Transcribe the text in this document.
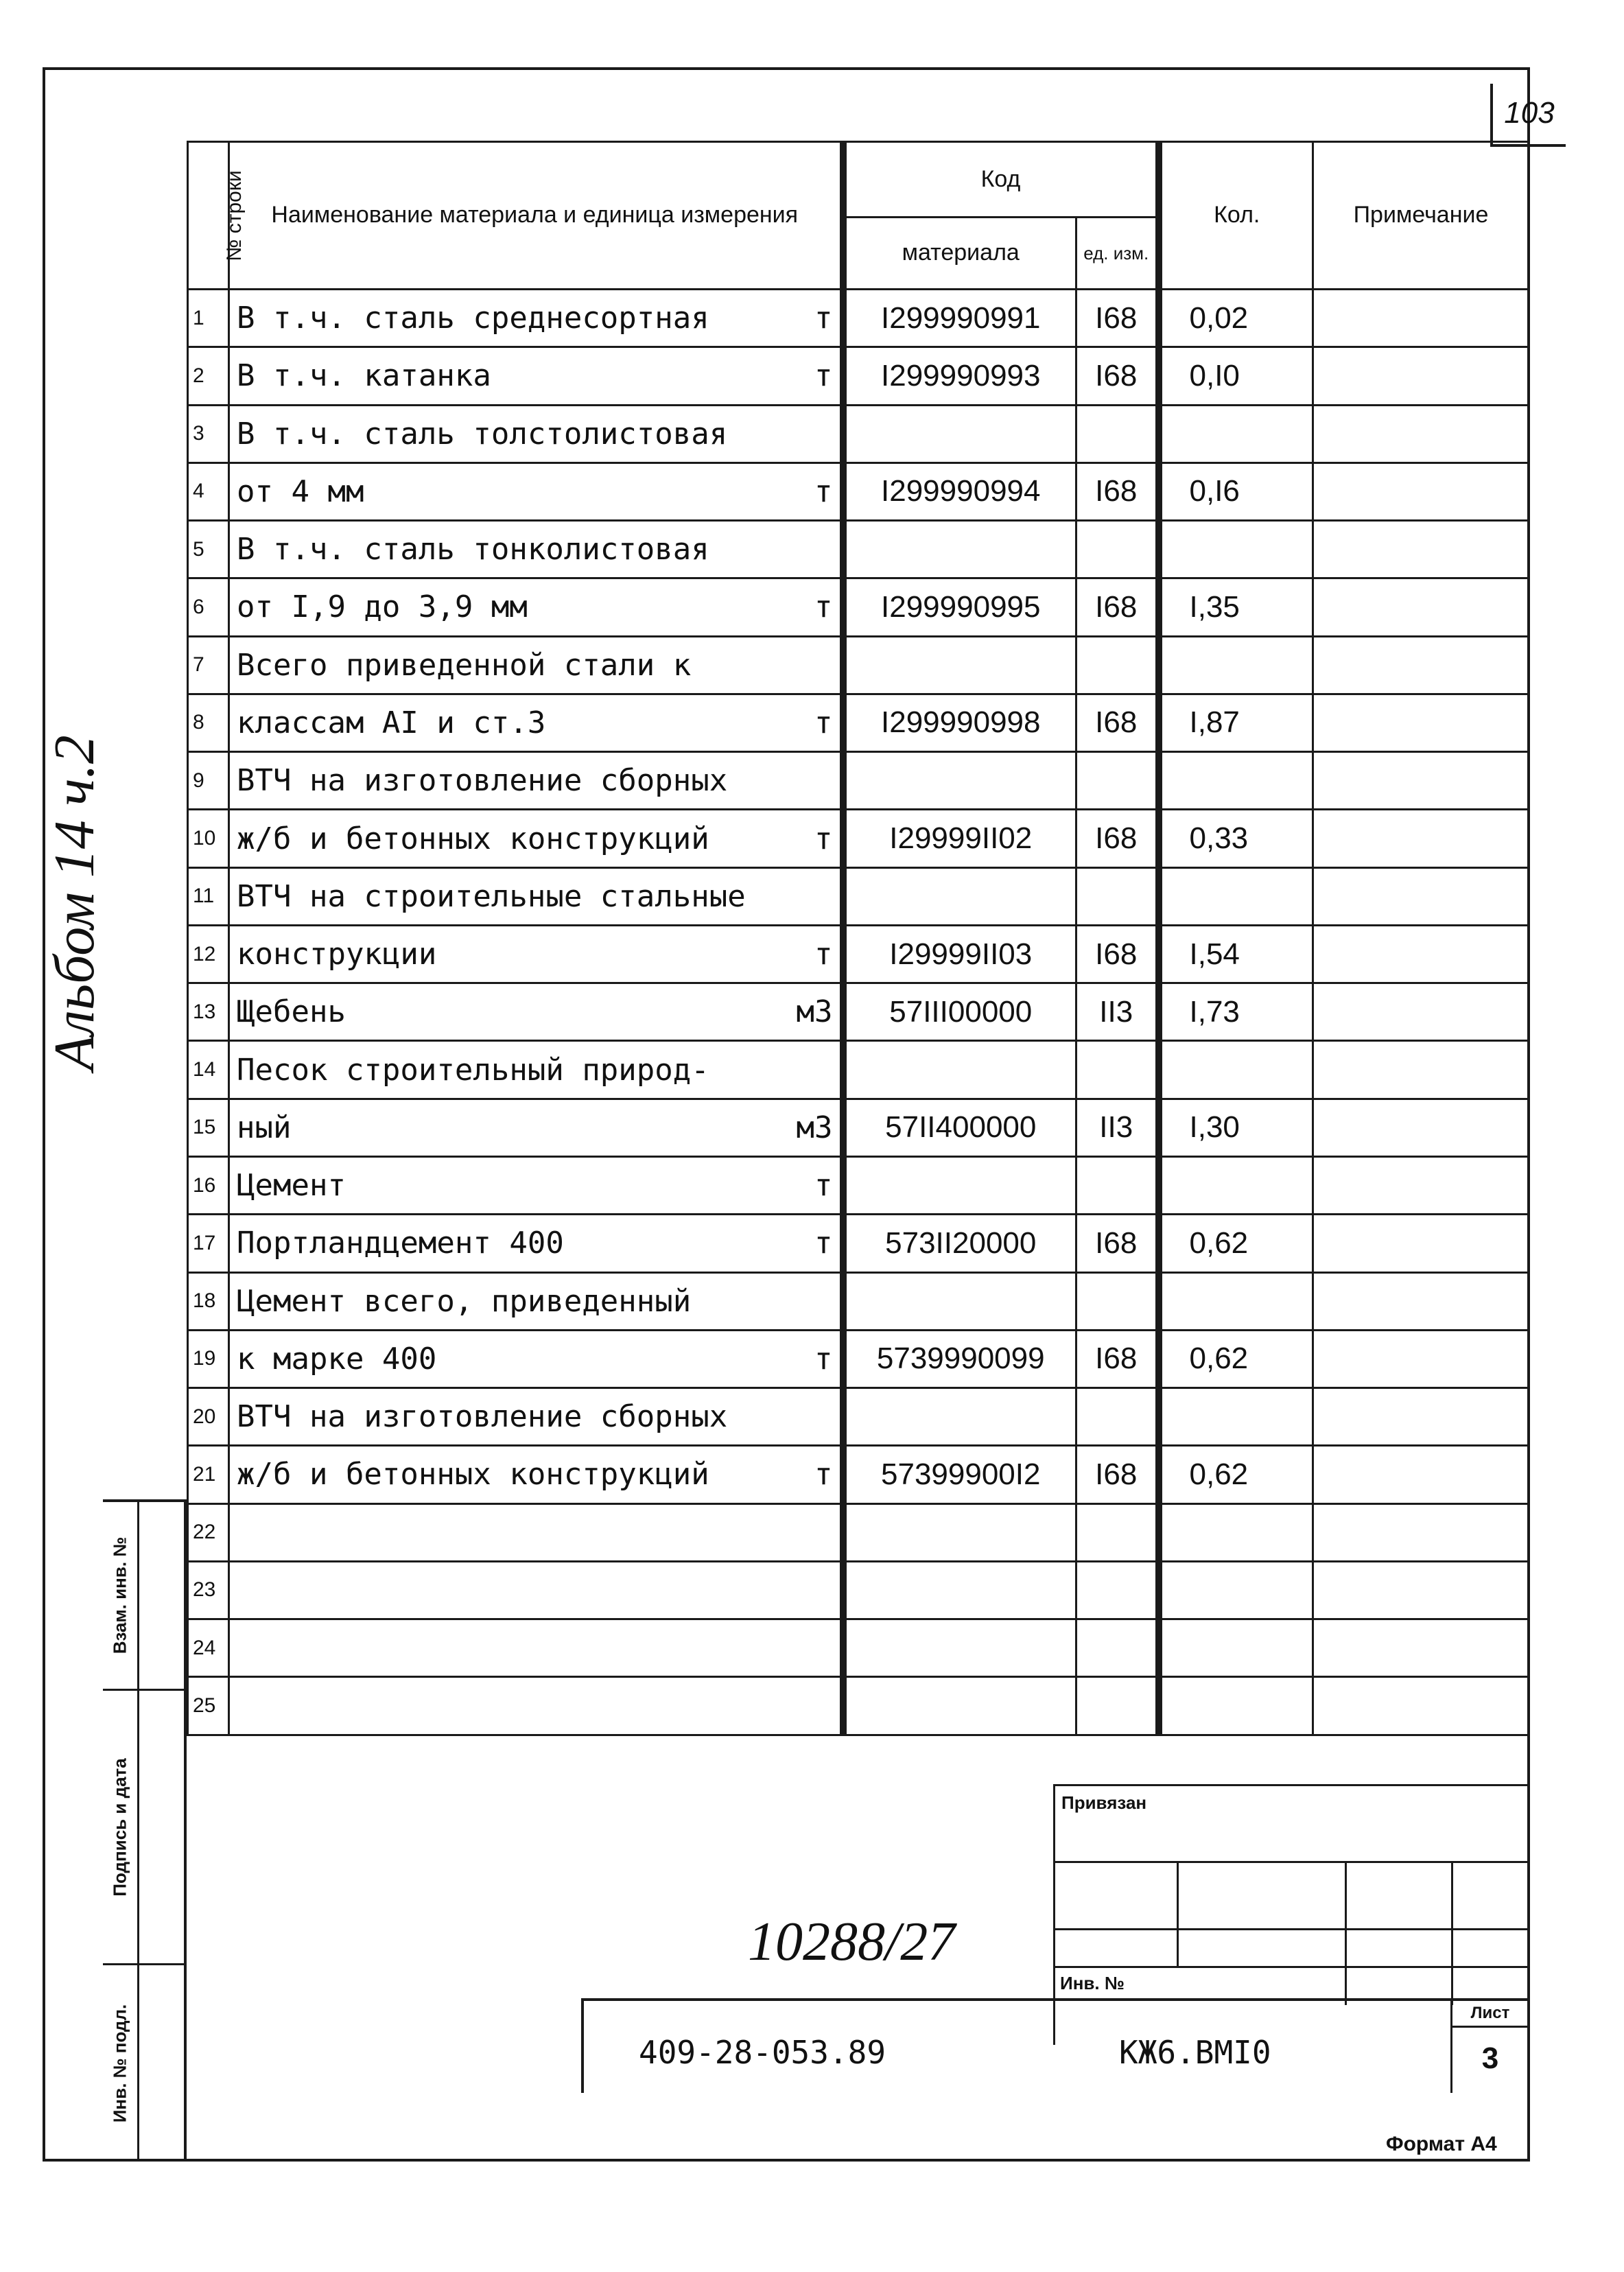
103
Альбом 14 ч.2
№ строки	Наименование материала и единица измерения	Код		Кол.	Примечание
		материала	ед. изм.		
1	В т.ч. сталь среднесортная т	I299990991	I68	0,02	
2	В т.ч. катанка т	I299990993	I68	0,I0	
3	В т.ч. сталь толстолистовая				

4	от 4 мм т	I299990994	I68	0,I6	
5	В т.ч. сталь тонколистовая				

6	от I,9 до 3,9 мм т	I299990995	I68	I,35	
7	Всего приведенной стали к				

8	классам AI и ст.3 т	I299990998	I68	I,87	
9	ВТЧ на изготовление сборных				

10	ж/б и бетонных конструкций т	I29999II02	I68	0,33	
11	ВТЧ на строительные стальные				

12	конструкции т	I29999II03	I68	I,54	
13	Щебень м3	57III00000	II3	I,73	
14	Песок строительный природ-				

15	ный м3	57II400000	II3	I,30	
16	Цемент т				

17	Портландцемент 400 т	573II20000	I68	0,62	
18	Цемент всего, приведенный				

19	к марке 400 т	5739990099	I68	0,62	
20	ВТЧ на изготовление сборных				

21	ж/б и бетонных конструкций т	57399900I2	I68	0,62	
22	

23	

24	

25	

Взам. инв. №
Подпись и дата
Инв. № подл.
Привязан
Инв. №
10288/27
409-28-053.89	КЖ6.ВМI0
Лист
3
Формат А4
